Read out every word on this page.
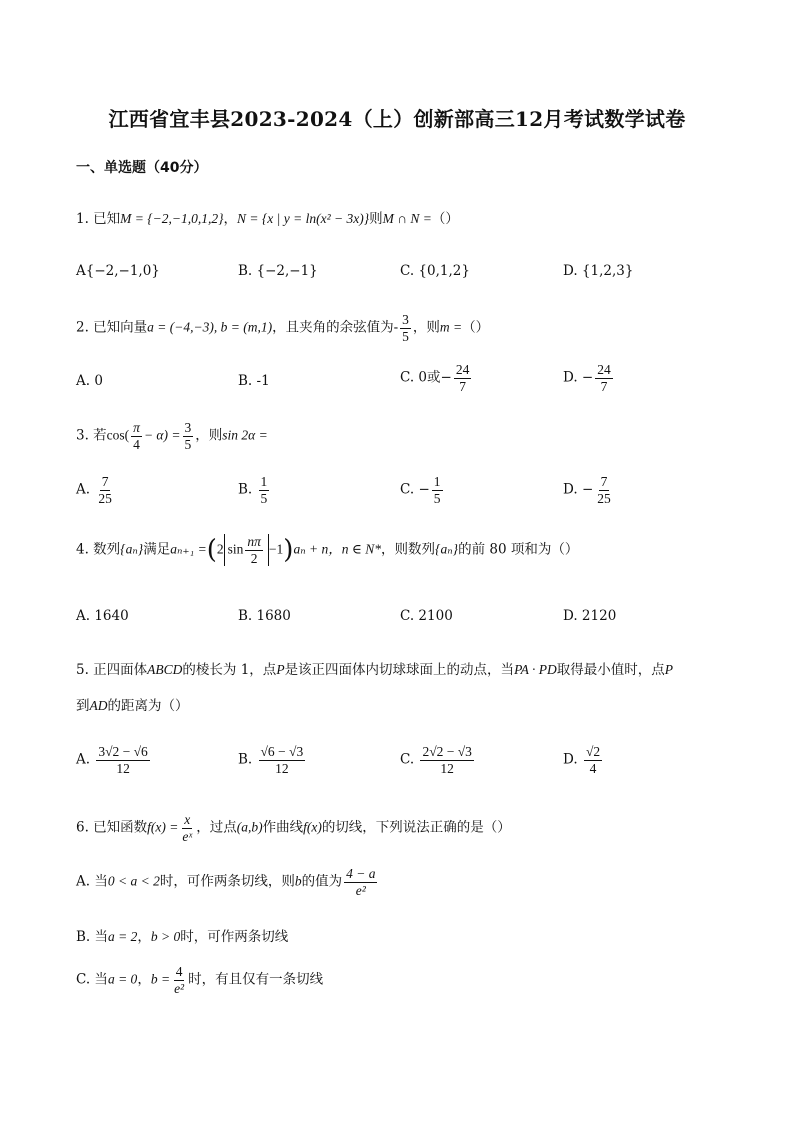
江西省宜丰县2023-2024（上）创新部高三12月考试数学试卷
一、单选题（40分）
1. 已知M = {−2,−1,0,1,2}，N = {x | y = ln(x² − 3x)}则M ∩ N =（）
A{−2,−1,0}	B. {−2,−1}	C. {0,1,2}	D. {1,2,3}
2. 已知向量a = (−4,−3), b = (m,1)，且夹角的余弦值为- $\frac{3}{5}$ ，则m =（）
A. 0	B. -1	C. 0或− $\frac{24}{7}$	D. − $\frac{24}{7}$
3. 若$\cos( \frac{\pi}{4} - \alpha) = \frac{3}{5}$ ，则sin 2α =
A. $\frac{7}{25}$	B. $\frac{1}{5}$	C. − $\frac{1}{5}$	D. − $\frac{7}{25}$
4. 数列{aₙ}满足aₙ₊₁ =(2 $\sin \frac{n\pi}{2} -1)a_n + n$，n ∈ N*，则数列{aₙ}的前 80 项和为（）
A. 1640	B. 1680	C. 2100	D. 2120
5. 正四面体ABCD的棱长为 1，点P是该正四面体内切球球面上的动点，当PA · PD取得最小值时，点P
到AD的距离为（）
A. $\frac{3√2 - √6}{12}$	B. $\frac{√6 - √3}{12}$	C. $\frac{2√2 - √3}{12}$	D. $\frac{√2}{4}$
6. 已知函数$f(x) = \frac{x}{\text{eˣ}}$ ，过点(a,b)作曲线f(x)的切线，下列说法正确的是（）
A. 当0 < a < 2时，可作两条切线，则b的值为 $\frac{4 - a}{\text{e²}}$
B. 当a = 2，b > 0时，可作两条切线
C. 当a = 0，$b = \frac{4}{\text{e²}}$ 时，有且仅有一条切线
